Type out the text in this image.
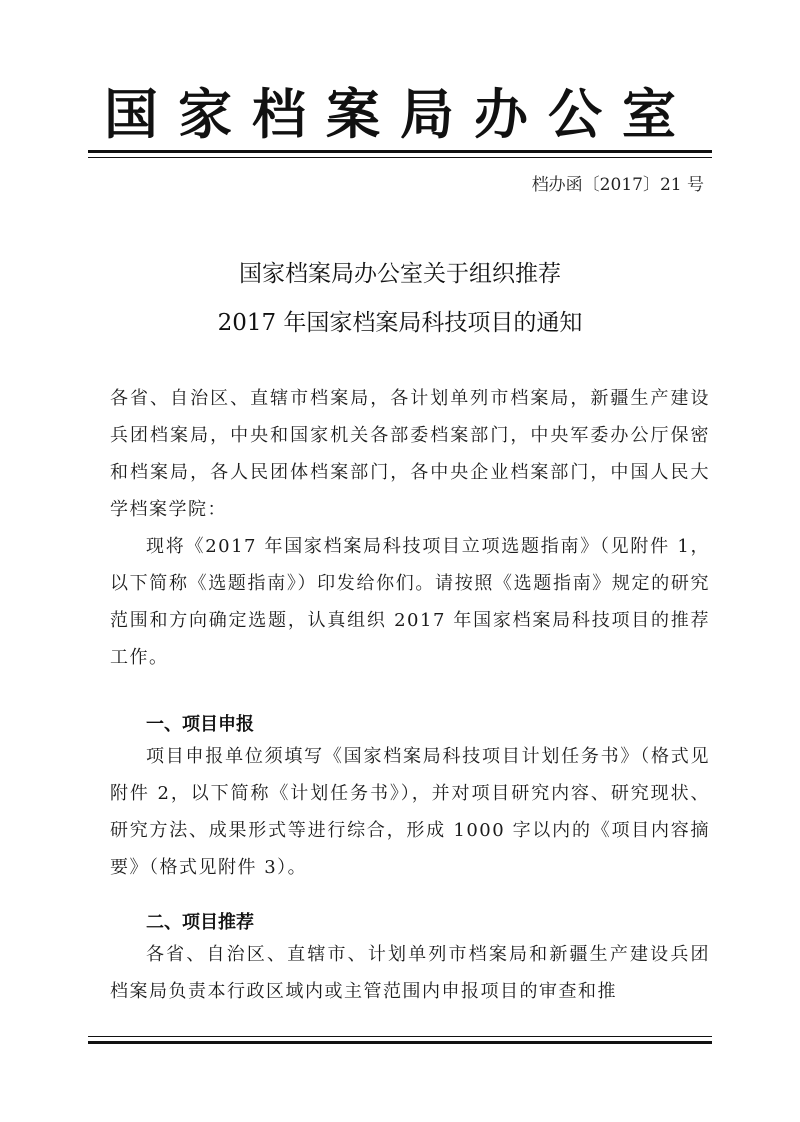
国家档案局办公室
档办函〔2017〕21 号
国家档案局办公室关于组织推荐
2017 年国家档案局科技项目的通知

各省、自治区、直辖市档案局，各计划单列市档案局，新疆生产建设兵团档案局，中央和国家机关各部委档案部门，中央军委办公厅保密和档案局，各人民团体档案部门，各中央企业档案部门，中国人民大学档案学院：

现将《2017 年国家档案局科技项目立项选题指南》（见附件 1，以下简称《选题指南》）印发给你们。请按照《选题指南》规定的研究范围和方向确定选题，认真组织 2017 年国家档案局科技项目的推荐工作。

一、项目申报

项目申报单位须填写《国家档案局科技项目计划任务书》（格式见附件 2，以下简称《计划任务书》），并对项目研究内容、研究现状、研究方法、成果形式等进行综合，形成 1000 字以内的《项目内容摘要》（格式见附件 3）。

二、项目推荐

各省、自治区、直辖市、计划单列市档案局和新疆生产建设兵团档案局负责本行政区域内或主管范围内申报项目的审查和推
